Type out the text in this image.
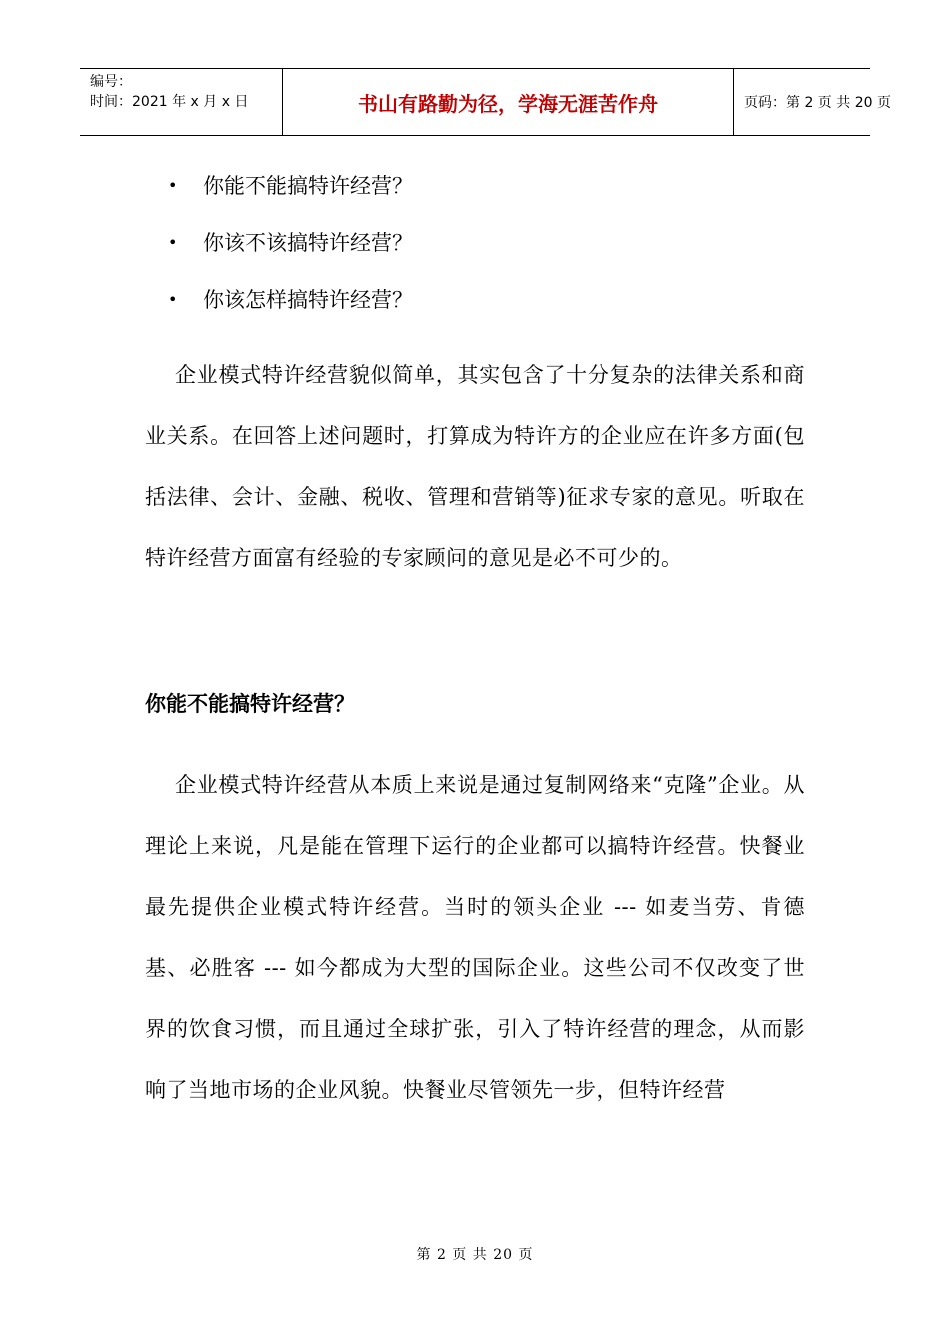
编号：
时间：2021 年 x 月 x 日	书山有路勤为径，学海无涯苦作舟	页码：第 2 页 共 20 页
• 你能不能搞特许经营？
• 你该不该搞特许经营？
• 你该怎样搞特许经营？

企业模式特许经营貌似简单，其实包含了十分复杂的法律关系和商业关系。在回答上述问题时，打算成为特许方的企业应在许多方面(包括法律、会计、金融、税收、管理和营销等)征求专家的意见。听取在特许经营方面富有经验的专家顾问的意见是必不可少的。

你能不能搞特许经营？

企业模式特许经营从本质上来说是通过复制网络来“克隆”企业。从理论上来说，凡是能在管理下运行的企业都可以搞特许经营。快餐业最先提供企业模式特许经营。当时的领头企业 --- 如麦当劳、肯德基、必胜客 --- 如今都成为大型的国际企业。这些公司不仅改变了世界的饮食习惯，而且通过全球扩张，引入了特许经营的理念，从而影响了当地市场的企业风貌。快餐业尽管领先一步，但特许经营

第 2 页 共 20 页
